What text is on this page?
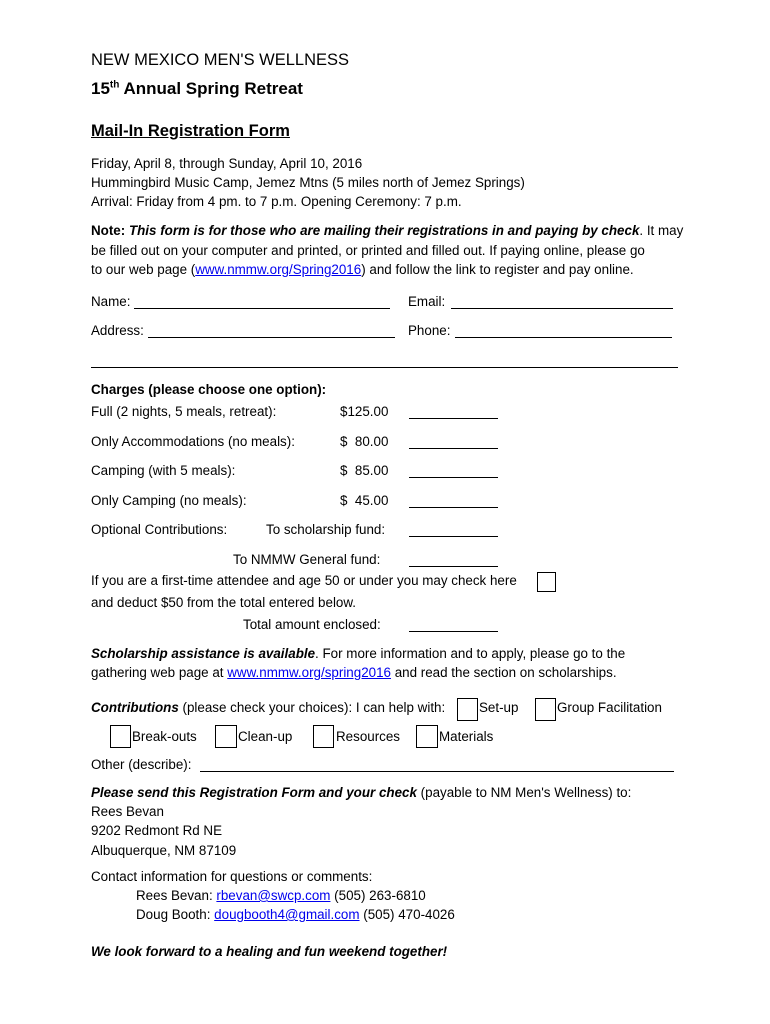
NEW MEXICO MEN'S WELLNESS
15th Annual Spring Retreat
Mail-In Registration Form
Friday, April 8, through Sunday, April 10, 2016
Hummingbird Music Camp, Jemez Mtns (5 miles north of Jemez Springs)
Arrival: Friday from 4 pm. to 7 p.m. Opening Ceremony: 7 p.m.
Note: This form is for those who are mailing their registrations in and paying by check. It may
be filled out on your computer and printed, or printed and filled out. If paying online, please go
to our web page (www.nmmw.org/Spring2016) and follow the link to register and pay online.
Name:	Email:
Address:	Phone:
Charges (please choose one option):
Full (2 nights, 5 meals, retreat):	$125.00
Only Accommodations (no meals):	$  80.00
Camping (with 5 meals):	$  85.00
Only Camping (no meals):	$  45.00
Optional Contributions:	To scholarship fund:
To NMMW General fund:
If you are a first-time attendee and age 50 or under you may check here
and deduct $50 from the total entered below.
Total amount enclosed:
Scholarship assistance is available. For more information and to apply, please go to the
gathering web page at www.nmmw.org/spring2016 and read the section on scholarships.
Contributions (please check your choices): I can help with:	Set-up	Group Facilitation
Break-outs	Clean-up	Resources	Materials
Other (describe):
Please send this Registration Form and your check (payable to NM Men's Wellness) to:
Rees Bevan
9202 Redmont Rd NE
Albuquerque, NM 87109
Contact information for questions or comments:
Rees Bevan: rbevan@swcp.com (505) 263-6810
Doug Booth: dougbooth4@gmail.com (505) 470-4026
We look forward to a healing and fun weekend together!
